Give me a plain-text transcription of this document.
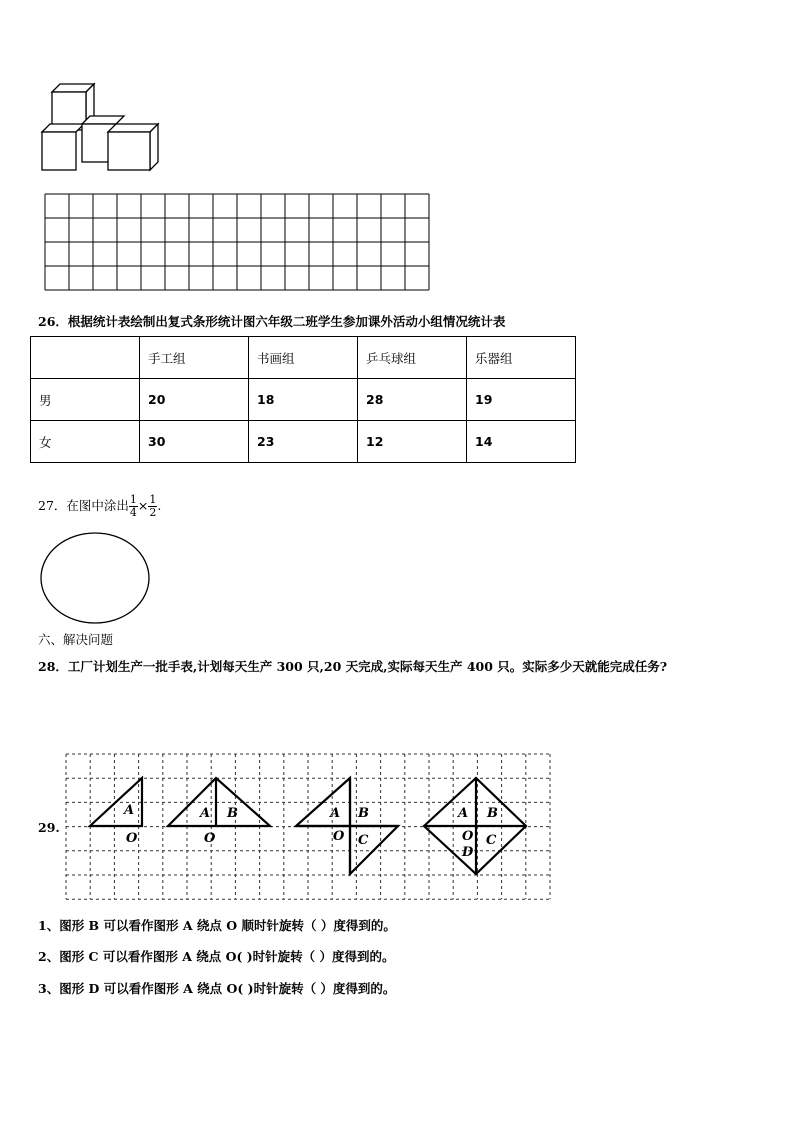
26．根据统计表绘制出复式条形统计图六年级二班学生参加课外活动小组情况统计表
	手工组	书画组	乒乓球组	乐器组
男	20	18	28	19
女	30	23	12	14
27．在图中涂出 $\frac{1}{4} \times \frac{1}{2}$ .
六、解决问题
28．工厂计划生产一批手表,计划每天生产 300 只,20 天完成,实际每天生产 400 只。实际多少天就能完成任务?
29.
A
O
A B
O
A B
O C
A B
O C
D
1、图形 B 可以看作图形 A 绕点 O 顺时针旋转（ ）度得到的。
2、图形 C 可以看作图形 A 绕点 O( )时针旋转（ ）度得到的。
3、图形 D 可以看作图形 A 绕点 O( )时针旋转（ ）度得到的。
